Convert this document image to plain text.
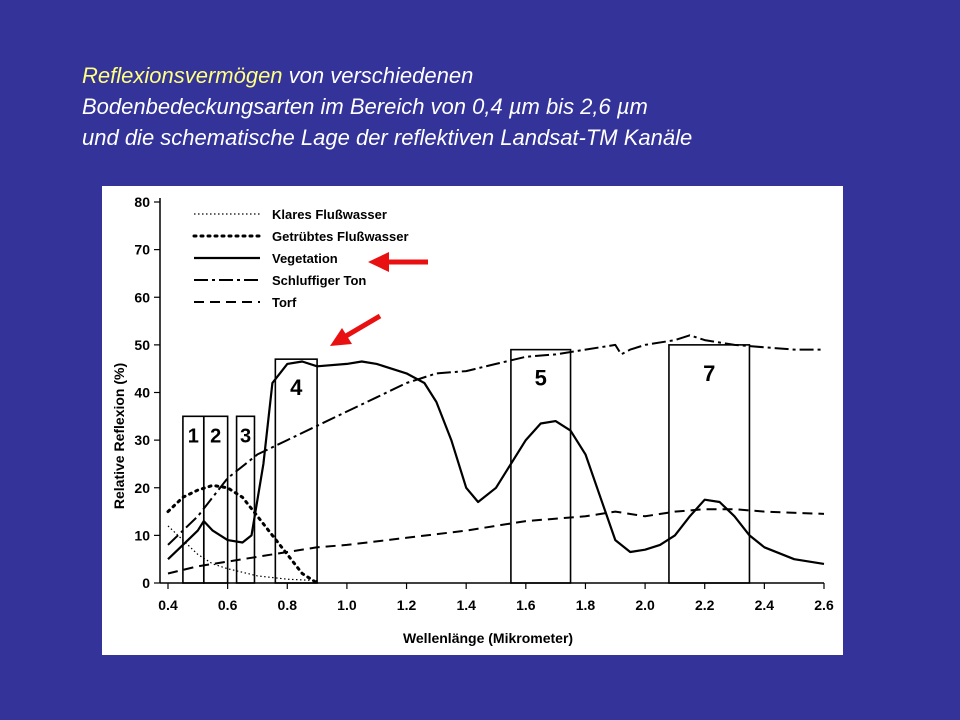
Reflexionsvermögen von verschiedenen
Bodenbedeckungsarten im Bereich von 0,4 µm bis 2,6 µm
und die schematische Lage der reflektiven Landsat-TM Kanäle
0.4	0.6	0.8	1.0	1.2	1.4	1.6	1.8	2.0	2.2	2.4	2.6
0
10
20
30
40
50
60
70
80
1 2 3
4	5	7
Klares Flußwasser
Getrübtes Flußwasser
Vegetation
Schluffiger Ton
Torf
Wellenlänge (Mikrometer)
Relative Reflexion (%)
